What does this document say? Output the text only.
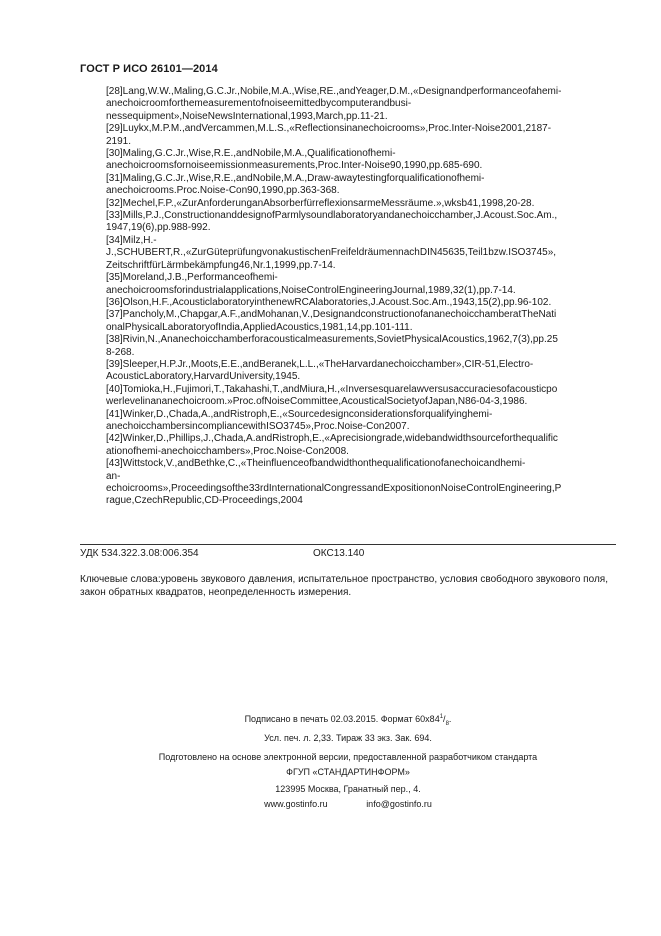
ГОСТ Р ИСО 26101—2014
[28]Lang,W.W.,Maling,G.C.Jr.,Nobile,M.A.,Wise,RE.,andYeager,D.M.,«Designandperformanceofahemi-
anechoicroomforthemeasurementofnoiseemittedbycomputerandbusi-
nessequipment»,NoiseNewsInternational,1993,March,pp.11-21.
[29]Luykx,M.P.M.,andVercammen,M.L.S.,«Reflectionsinanechoicrooms»,Proc.Inter-Noise2001,2187-
2191.
[30]Maling,G.C.Jr.,Wise,R.E.,andNobile,M.A.,Qualificationofhemi-
anechoicroomsfornoiseemissionmeasurements,Proc.Inter-Noise90,1990,pp.685-690.
[31]Maling,G.C.Jr.,Wise,R.E.,andNobile,M.A.,Draw-awaytestingforqualificationofhemi-
anechoicrooms.Proc.Noise-Con90,1990,pp.363-368.
[32]Mechel,F.P.,«ZurAnforderunganAbsorberfürreflexionsarmeMessräume.»,wksb41,1998,20-28.
[33]Mills,P.J.,ConstructionanddesignofParmlysoundlaboratoryandanechoicchamber,J.Acoust.Soc.Am.,
1947,19(6),pp.988-992.
[34]Milz,H.-
J.,SCHUBERT,R.,«ZurGüteprüfungvonakustischenFreifeldräumennachDIN45635,Teil1bzw.ISO3745»,
ZeitschriftfürLärmbekämpfung46,Nr.1,1999,pp.7-14.
[35]Moreland,J.B.,Performanceofhemi-
anechoicroomsforindustrialapplications,NoiseControlEngineeringJournal,1989,32(1),pp.7-14.
[36]Olson,H.F.,AcousticlaboratoryinthenewRCAlaboratories,J.Acoust.Soc.Am.,1943,15(2),pp.96-102.
[37]Pancholy,M.,Chapgar,A.F.,andMohanan,V.,DesignandconstructionofananechoicchamberatTheNati
onalPhysicalLaboratoryofIndia,AppliedAcoustics,1981,14,pp.101-111.
[38]Rivin,N.,Ananechoicchamberforacousticalmeasurements,SovietPhysicalAcoustics,1962,7(3),pp.25
8-268.
[39]Sleeper,H.P.Jr.,Moots,E.E.,andBeranek,L.L.,«TheHarvardanechoicchamber»,CIR-51,Electro-
AcousticLaboratory,HarvardUniversity,1945.
[40]Tomioka,H.,Fujimori,T.,Takahashi,T.,andMiura,H.,«Inversesquarelawversusaccuraciesofacousticpo
werlevelinananechoicroom.»Proc.ofNoiseCommittee,AcousticalSocietyofJapan,N86-04-3,1986.
[41]Winker,D.,Chada,A.,andRistroph,E.,«Sourcedesignconsiderationsforqualifyinghemi-
anechoicchambersincompliancewithISO3745»,Proc.Noise-Con2007.
[42]Winker,D.,Phillips,J.,Chada,A.andRistroph,E.,«Aprecisiongrade,widebandwidthsourceforthequalific
ationofhemi-anechoicchambers»,Proc.Noise-Con2008.
[43]Wittstock,V.,andBethke,C.,«Theinfluenceofbandwidthonthequalificationofanechoicandhemi-
an-
echoicrooms»,Proceedingsofthe33rdInternationalCongressandExpositiononNoiseControlEngineering,P
rague,CzechRepublic,CD-Proceedings,2004
УДК 534.322.3.08:006.354	ОКС13.140
Ключевые слова:уровень звукового давления, испытательное пространство, условия свободного звукового поля, закон обратных квадратов, неопределенность измерения.
Подписано в печать 02.03.2015. Формат $60х84^1/_8$.
Усл. печ. л. 2,33. Тираж 33 экз. Зак. 694.
Подготовлено на основе электронной версии, предоставленной разработчиком стандарта
ФГУП «СТАНДАРТИНФОРМ»
123995 Москва, Гранатный пер., 4.
www.gostinfo.ru	info@gostinfo.ru
